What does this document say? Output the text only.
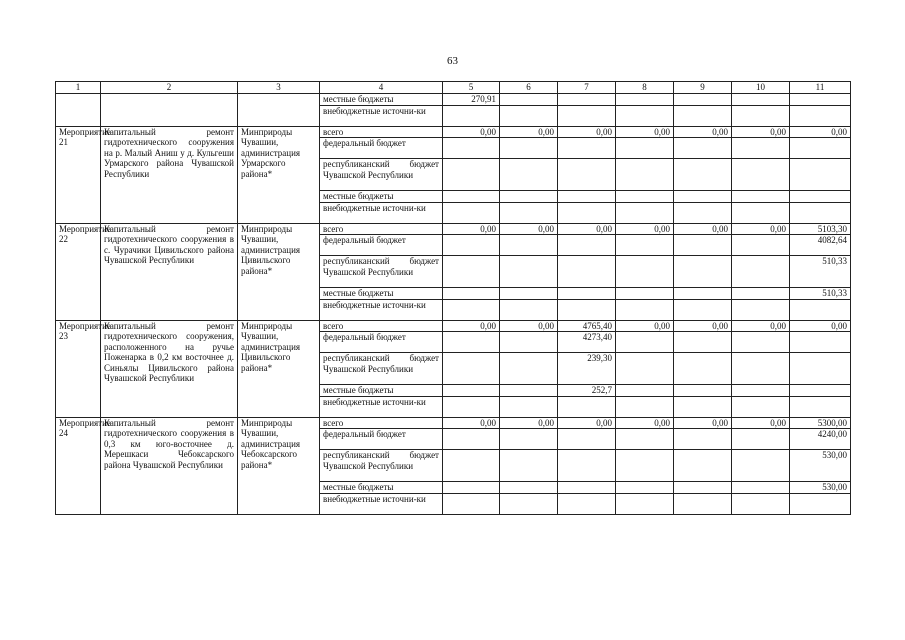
63
1	2	3	4	5	6	7	8	9	10	11
			местные бюджеты	270,91						
			внебюджетные источни-ки							
Мероприятие 21	Капитальный ремонт гидротехнического сооружения на р. Малый Аниш у д. Кульгеши Урмарского района Чувашской Республики	Минприроды Чувашии, администрация Урмарского района*	всего	0,00	0,00	0,00	0,00	0,00	0,00	0,00
			федеральный бюджет							
			республиканский бюджет Чувашской Республики							
			местные бюджеты							
			внебюджетные источни-ки							
Мероприятие 22	Капитальный ремонт гидротехнического сооружения в с. Чурачики Цивильского района Чувашской Республики	Минприроды Чувашии, администрация Цивильского района*	всего	0,00	0,00	0,00	0,00	0,00	0,00	5103,30
			федеральный бюджет							4082,64
			республиканский бюджет Чувашской Республики							510,33
			местные бюджеты							510,33
			внебюджетные источни-ки							
Мероприятие 23	Капитальный ремонт гидротехнического сооружения, расположенного на ручье Поженарка в 0,2 км восточнее д. Синьялы Цивильского района Чувашской Республики	Минприроды Чувашии, администрация Цивильского района*	всего	0,00	0,00	4765,40	0,00	0,00	0,00	0,00
			федеральный бюджет			4273,40				
			республиканский бюджет Чувашской Республики			239,30				
			местные бюджеты			252,7				
			внебюджетные источни-ки							
Мероприятие 24	Капитальный ремонт гидротехнического сооружения в 0,3 км юго-восточнее д. Мерешкаси Чебоксарского района Чувашской Республики	Минприроды Чувашии, администрация Чебоксарского района*	всего	0,00	0,00	0,00	0,00	0,00	0,00	5300,00
			федеральный бюджет							4240,00
			республиканский бюджет Чувашской Республики							530,00
			местные бюджеты							530,00
			внебюджетные источни-ки							
